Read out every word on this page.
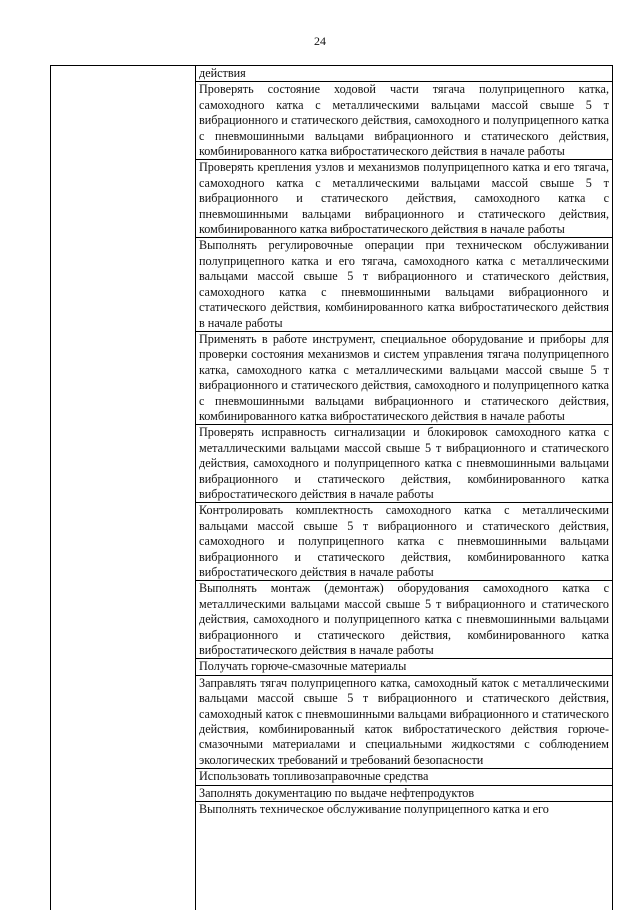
24
действия
Проверять состояние ходовой части тягача полуприцепного катка, самоходного катка с металлическими вальцами массой свыше 5 т вибрационного и статического действия, самоходного и полуприцепного катка с пневмошинными вальцами вибрационного и статического действия, комбинированного катка вибростатического действия в начале работы
Проверять крепления узлов и механизмов полуприцепного катка и его тягача, самоходного катка с металлическими вальцами массой свыше 5 т вибрационного и статического действия, самоходного катка с пневмошинными вальцами вибрационного и статического действия, комбинированного катка вибростатического действия в начале работы
Выполнять регулировочные операции при техническом обслуживании полуприцепного катка и его тягача, самоходного катка с металлическими вальцами массой свыше 5 т вибрационного и статического действия, самоходного катка с пневмошинными вальцами вибрационного и статического действия, комбинированного катка вибростатического действия в начале работы
Применять в работе инструмент, специальное оборудование и приборы для проверки состояния механизмов и систем управления тягача полуприцепного катка, самоходного катка с металлическими вальцами массой свыше 5 т вибрационного и статического действия, самоходного и полуприцепного катка с пневмошинными вальцами вибрационного и статического действия, комбинированного катка вибростатического действия в начале работы
Проверять исправность сигнализации и блокировок самоходного катка с металлическими вальцами массой свыше 5 т вибрационного и статического действия, самоходного и полуприцепного катка с пневмошинными вальцами вибрационного и статического действия, комбинированного катка вибростатического действия в начале работы
Контролировать комплектность самоходного катка с металлическими вальцами массой свыше 5 т вибрационного и статического действия, самоходного и полуприцепного катка с пневмошинными вальцами вибрационного и статического действия, комбинированного катка вибростатического действия в начале работы
Выполнять монтаж (демонтаж) оборудования самоходного катка с металлическими вальцами массой свыше 5 т вибрационного и статического действия, самоходного и полуприцепного катка с пневмошинными вальцами вибрационного и статического действия, комбинированного катка вибростатического действия в начале работы
Получать горюче-смазочные материалы
Заправлять тягач полуприцепного катка, самоходный каток с металлическими вальцами массой свыше 5 т вибрационного и статического действия, самоходный каток с пневмошинными вальцами вибрационного и статического действия, комбинированный каток вибростатического действия горюче-смазочными материалами и специальными жидкостями с соблюдением экологических требований и требований безопасности
Использовать топливозаправочные средства
Заполнять документацию по выдаче нефтепродуктов
Выполнять техническое обслуживание полуприцепного катка и его
